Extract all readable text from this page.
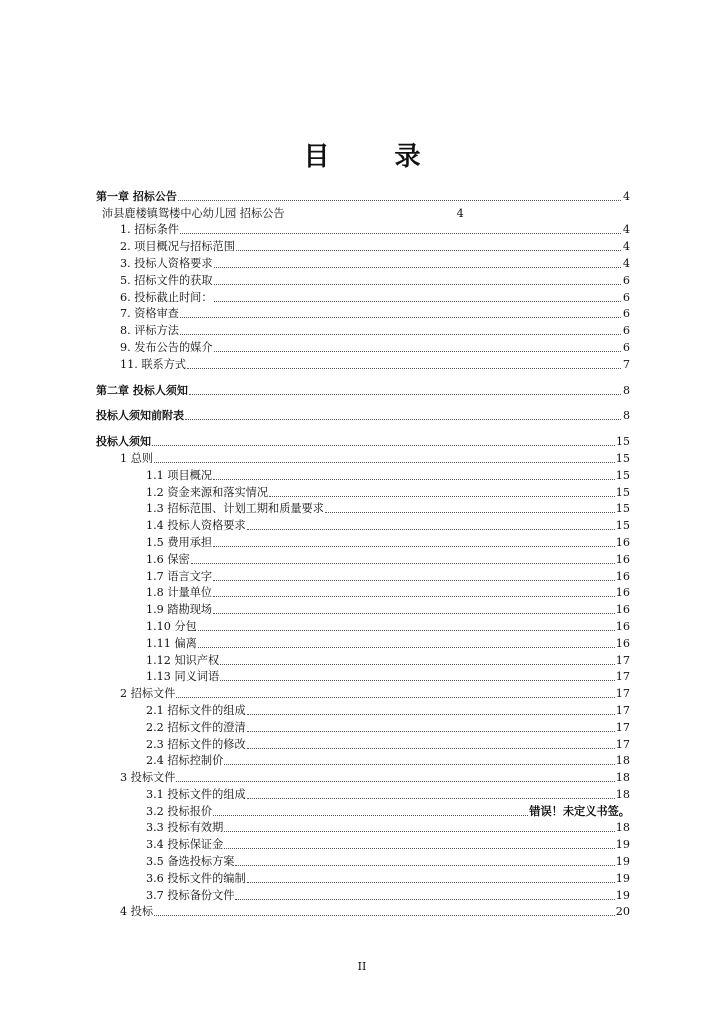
目 录
第一章 招标公告	4
沛县鹿楼镇鸳楼中心幼儿园 招标公告	4
1. 招标条件	4
2. 项目概况与招标范围	4
3. 投标人资格要求	4
5. 招标文件的获取	6
6. 投标截止时间：	6
7. 资格审查	6
8. 评标方法	6
9. 发布公告的媒介	6
11. 联系方式	7
第二章 投标人须知	8
投标人须知前附表	8
投标人须知	15
1 总则	15
1.1 项目概况	15
1.2 资金来源和落实情况	15
1.3 招标范围、计划工期和质量要求	15
1.4 投标人资格要求	15
1.5 费用承担	16
1.6 保密	16
1.7 语言文字	16
1.8 计量单位	16
1.9 踏勘现场	16
1.10 分包	16
1.11 偏离	16
1.12 知识产权	17
1.13 同义词语	17
2 招标文件	17
2.1 招标文件的组成	17
2.2 招标文件的澄清	17
2.3 招标文件的修改	17
2.4 招标控制价	18
3 投标文件	18
3.1 投标文件的组成	18
3.2 投标报价	错误！未定义书签。
3.3 投标有效期	18
3.4 投标保证金	19
3.5 备选投标方案	19
3.6 投标文件的编制	19
3.7 投标备份文件	19
4 投标	20
II
